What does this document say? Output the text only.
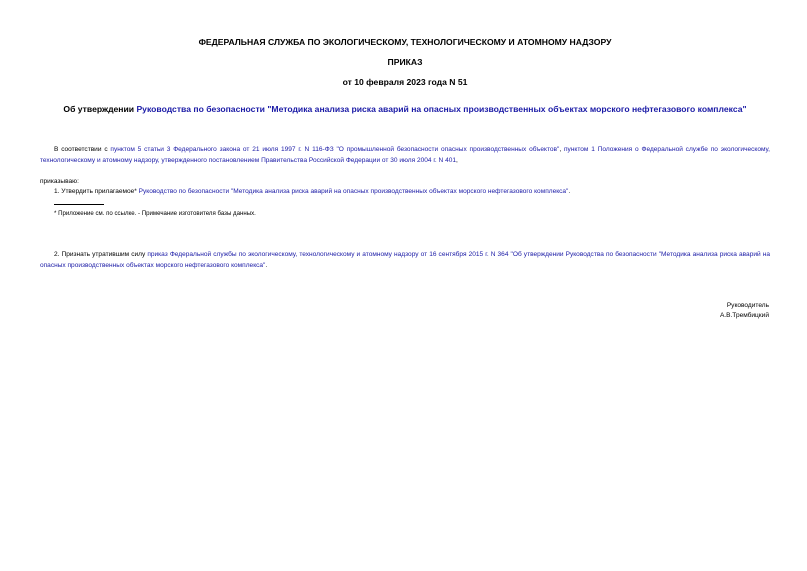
ФЕДЕРАЛЬНАЯ СЛУЖБА ПО ЭКОЛОГИЧЕСКОМУ, ТЕХНОЛОГИЧЕСКОМУ И АТОМНОМУ НАДЗОРУ
ПРИКАЗ
от 10 февраля 2023 года N 51
Об утверждении Руководства по безопасности "Методика анализа риска аварий на опасных производственных объектах морского нефтегазового комплекса"
В соответствии с пунктом 5 статьи 3 Федерального закона от 21 июля 1997 г. N 116-ФЗ "О промышленной безопасности опасных производственных объектов", пунктом 1 Положения о Федеральной службе по экологическому, технологическому и атомному надзору, утвержденного постановлением Правительства Российской Федерации от 30 июля 2004 г. N 401,
приказываю:
1. Утвердить прилагаемое* Руководство по безопасности "Методика анализа риска аварий на опасных производственных объектах морского нефтегазового комплекса".
* Приложение см. по ссылке. - Примечание изготовителя базы данных.
2. Признать утратившим силу приказ Федеральной службы по экологическому, технологическому и атомному надзору от 16 сентября 2015 г. N 364 "Об утверждении Руководства по безопасности "Методика анализа риска аварий на опасных производственных объектах морского нефтегазового комплекса".
Руководитель
А.В.Трембицкий
